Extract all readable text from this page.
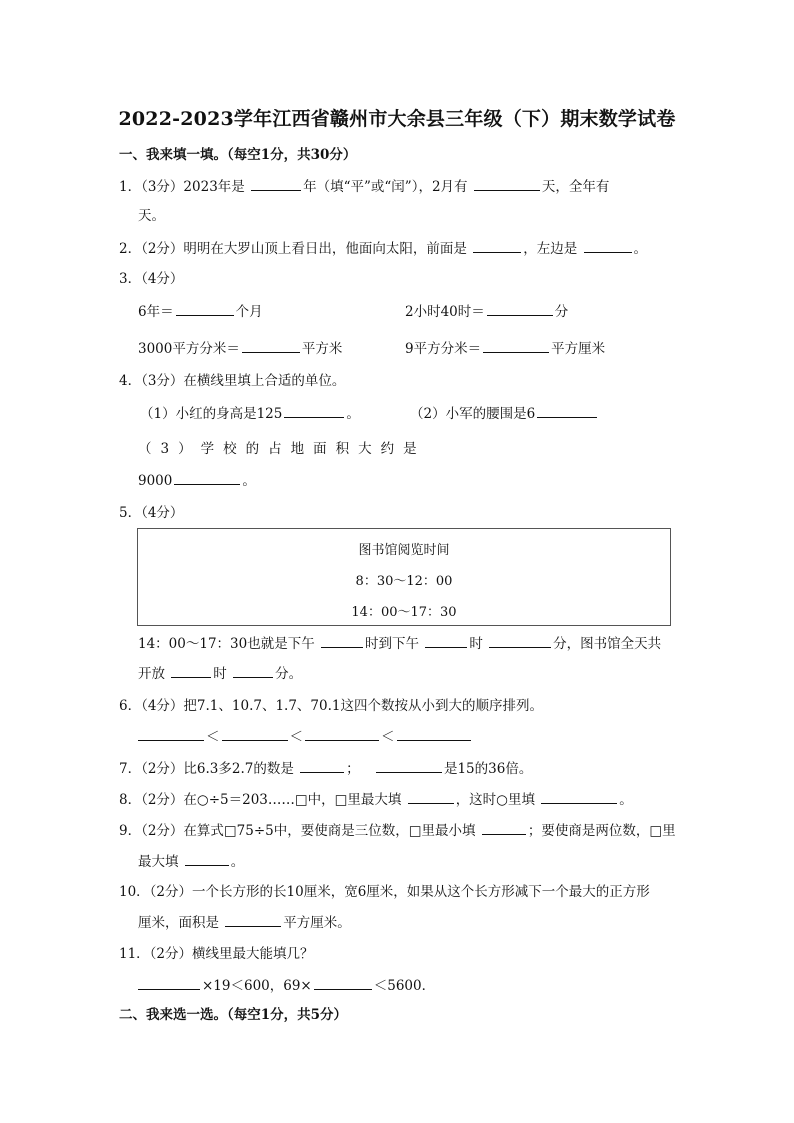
2022-2023学年江西省赣州市大余县三年级（下）期末数学试卷
一、我来填一填。（每空1分，共30分）
1．（3分）2023年是	年（填“平”或“闰”），2月有	天，全年有
天。
2．（2分）明明在大罗山顶上看日出，他面向太阳，前面是	，左边是	。
3．（4分）
6年＝	个月	2小时40时＝	分
3000平方分米＝	平方米	9平方分米＝	平方厘米
4．（3分）在横线里填上合适的单位。
（1）小红的身高是125	。	（2）小军的腰围是6
（3）学校的占地面积大约是
9000	。
5．（4分）
图书馆阅览时间
8：30～12：00
14：00～17：30
14：00～17：30也就是下午	时到下午	时	分，图书馆全天共
开放	时	分。
6．（4分）把7.1、10.7、1.7、70.1这四个数按从小到大的顺序排列。
＜	＜	＜
7．（2分）比6.3多2.7的数是	；	是15的36倍。
8．（2分）在○÷5＝203……□中，□里最大填	，这时○里填	。
9．（2分）在算式□75÷5中，要使商是三位数，□里最小填	；要使商是两位数，□里
最大填	。
10．（2分）一个长方形的长10厘米，宽6厘米，如果从这个长方形减下一个最大的正方形
厘米，面积是	平方厘米。
11．（2分）横线里最大能填几？
×19＜600，69×	＜5600．
二、我来选一选。（每空1分，共5分）
